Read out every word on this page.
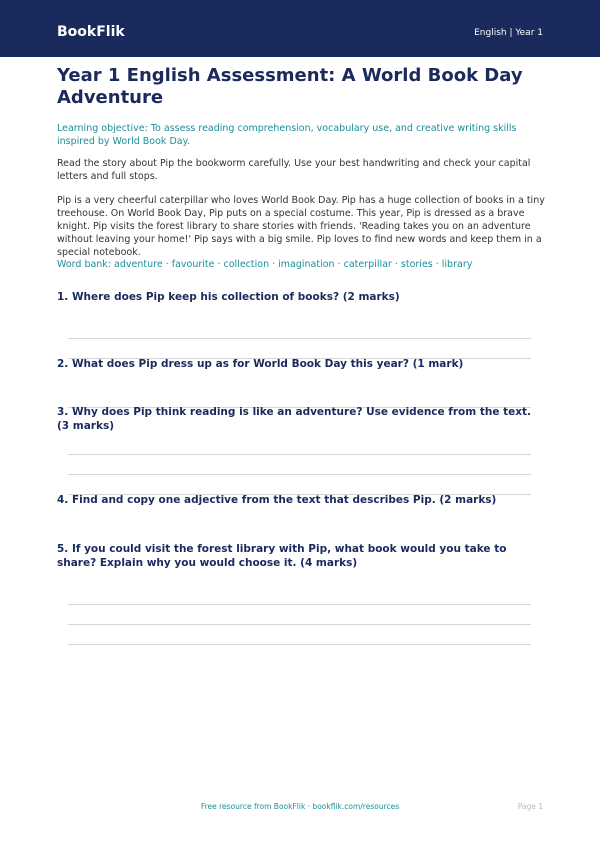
BookFlik	English | Year 1
Year 1 English Assessment: A World Book Day Adventure

Learning objective: To assess reading comprehension, vocabulary use, and creative writing skills inspired by World Book Day.

Read the story about Pip the bookworm carefully. Use your best handwriting and check your capital letters and full stops.

Pip is a very cheerful caterpillar who loves World Book Day. Pip has a huge collection of books in a tiny treehouse. On World Book Day, Pip puts on a special costume. This year, Pip is dressed as a brave knight. Pip visits the forest library to share stories with friends. 'Reading takes you on an adventure without leaving your home!' Pip says with a big smile. Pip loves to find new words and keep them in a special notebook.

Word bank: adventure · favourite · collection · imagination · caterpillar · stories · library

1. Where does Pip keep his collection of books? (2 marks)

2. What does Pip dress up as for World Book Day this year? (1 mark)

3. Why does Pip think reading is like an adventure? Use evidence from the text. (3 marks)

4. Find and copy one adjective from the text that describes Pip. (2 marks)

5. If you could visit the forest library with Pip, what book would you take to share? Explain why you would choose it. (4 marks)

Free resource from BookFlik · bookflik.com/resources	Page 1
